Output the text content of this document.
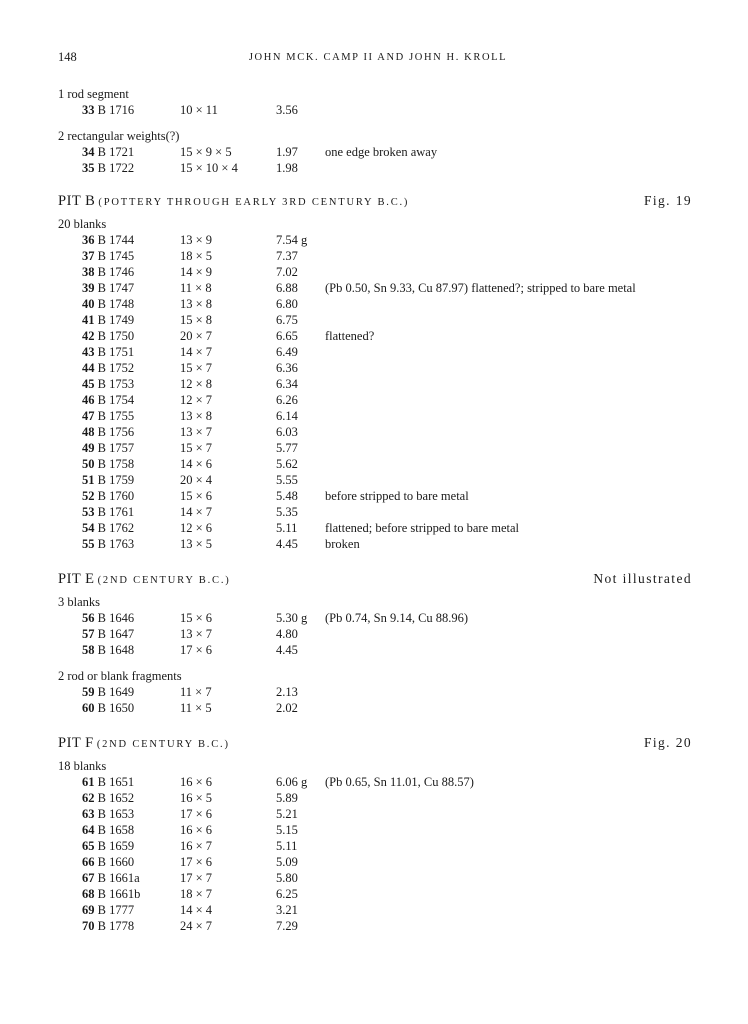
148	JOHN MCK. CAMP II AND JOHN H. KROLL
1 rod segment
33 B 1716	10 × 11	3.56
2 rectangular weights(?)
34 B 1721	15 × 9 × 5	1.97 one edge broken away
35 B 1722	15 × 10 × 4	1.98
PIT B (POTTERY THROUGH EARLY 3RD CENTURY B.C.)	Fig. 19
20 blanks
36 B 1744	13 × 9	7.54 g
37 B 1745	18 × 5	7.37
38 B 1746	14 × 9	7.02
39 B 1747	11 × 8	6.88 (Pb 0.50, Sn 9.33, Cu 87.97) flattened?; stripped to bare metal
40 B 1748	13 × 8	6.80
41 B 1749	15 × 8	6.75
42 B 1750	20 × 7	6.65 flattened?
43 B 1751	14 × 7	6.49
44 B 1752	15 × 7	6.36
45 B 1753	12 × 8	6.34
46 B 1754	12 × 7	6.26
47 B 1755	13 × 8	6.14
48 B 1756	13 × 7	6.03
49 B 1757	15 × 7	5.77
50 B 1758	14 × 6	5.62
51 B 1759	20 × 4	5.55
52 B 1760	15 × 6	5.48 before stripped to bare metal
53 B 1761	14 × 7	5.35
54 B 1762	12 × 6	5.11 flattened; before stripped to bare metal
55 B 1763	13 × 5	4.45 broken
PIT E (2ND CENTURY B.C.)	Not illustrated
3 blanks
56 B 1646	15 × 6	5.30 g (Pb 0.74, Sn 9.14, Cu 88.96)
57 B 1647	13 × 7	4.80
58 B 1648	17 × 6	4.45
2 rod or blank fragments
59 B 1649	11 × 7	2.13
60 B 1650	11 × 5	2.02
PIT F (2ND CENTURY B.C.)	Fig. 20
18 blanks
61 B 1651	16 × 6	6.06 g (Pb 0.65, Sn 11.01, Cu 88.57)
62 B 1652	16 × 5	5.89
63 B 1653	17 × 6	5.21
64 B 1658	16 × 6	5.15
65 B 1659	16 × 7	5.11
66 B 1660	17 × 6	5.09
67 B 1661a	17 × 7	5.80
68 B 1661b	18 × 7	6.25
69 B 1777	14 × 4	3.21
70 B 1778	24 × 7	7.29
